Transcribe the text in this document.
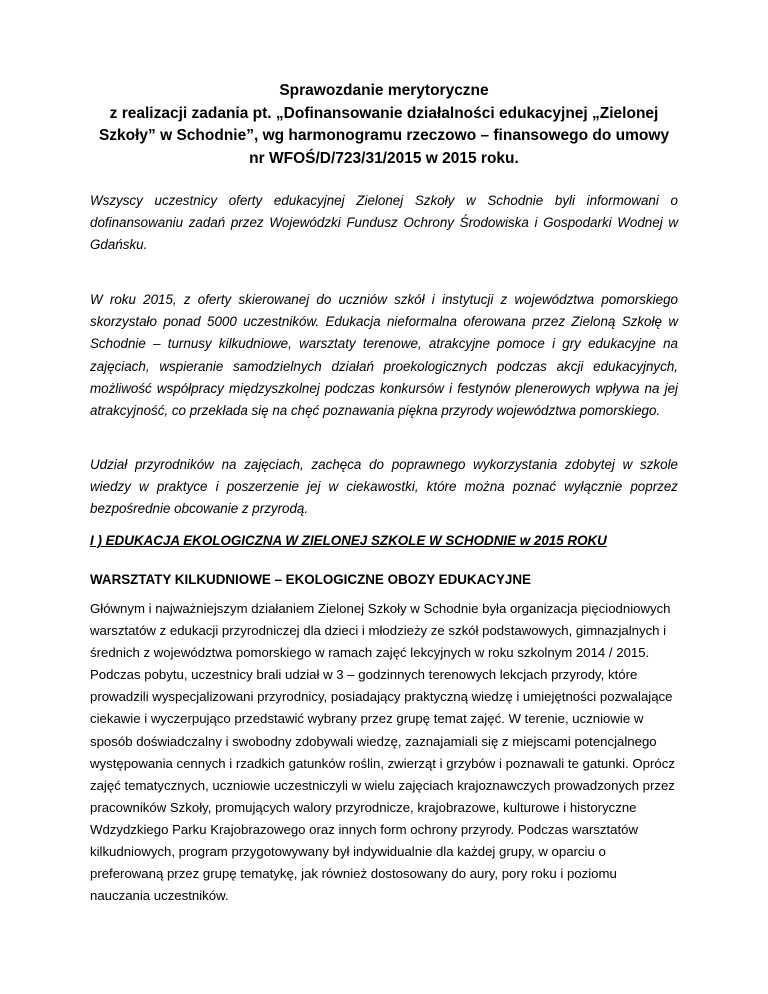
Sprawozdanie merytoryczne
z realizacji zadania pt. „Dofinansowanie działalności edukacyjnej „Zielonej
Szkoły” w Schodnie”, wg harmonogramu rzeczowo – finansowego do umowy
nr WFOŚ/D/723/31/2015 w 2015 roku.

Wszyscy uczestnicy oferty edukacyjnej Zielonej Szkoły w Schodnie byli informowani o dofinansowaniu zadań przez Wojewódzki Fundusz Ochrony Środowiska i Gospodarki Wodnej w Gdańsku.

W roku 2015, z oferty skierowanej do uczniów szkół i instytucji z województwa pomorskiego skorzystało ponad 5000 uczestników. Edukacja nieformalna oferowana przez Zieloną Szkołę w Schodnie – turnusy kilkudniowe, warsztaty terenowe, atrakcyjne pomoce i gry edukacyjne na zajęciach, wspieranie samodzielnych działań proekologicznych podczas akcji edukacyjnych, możliwość współpracy międzyszkolnej podczas konkursów i festynów plenerowych wpływa na jej atrakcyjność, co przekłada się na chęć poznawania piękna przyrody województwa pomorskiego.

Udział przyrodników na zajęciach, zachęca do poprawnego wykorzystania zdobytej w szkole wiedzy w praktyce i poszerzenie jej w ciekawostki, które można poznać wyłącznie poprzez bezpośrednie obcowanie z przyrodą.

I ) EDUKACJA EKOLOGICZNA W ZIELONEJ SZKOLE W SCHODNIE w 2015 ROKU

WARSZTATY KILKUDNIOWE – EKOLOGICZNE OBOZY EDUKACYJNE

Głównym i najważniejszym działaniem Zielonej Szkoły w Schodnie była organizacja pięciodniowych warsztatów z edukacji przyrodniczej dla dzieci i młodzieży ze szkół podstawowych, gimnazjalnych i średnich z województwa pomorskiego w ramach zajęć lekcyjnych w roku szkolnym 2014 / 2015. Podczas pobytu, uczestnicy brali udział w 3 – godzinnych terenowych lekcjach przyrody, które prowadzili wyspecjalizowani przyrodnicy, posiadający praktyczną wiedzę i umiejętności pozwalające ciekawie i wyczerpująco przedstawić wybrany przez grupę temat zajęć. W terenie, uczniowie w sposób doświadczalny i swobodny zdobywali wiedzę, zaznajamiali się z miejscami potencjalnego występowania cennych i rzadkich gatunków roślin, zwierząt i grzybów i poznawali te gatunki. Oprócz zajęć tematycznych, uczniowie uczestniczyli w wielu zajęciach krajoznawczych prowadzonych przez pracowników Szkoły, promujących walory przyrodnicze, krajobrazowe, kulturowe i historyczne Wdzydzkiego Parku Krajobrazowego oraz innych form ochrony przyrody. Podczas warsztatów kilkudniowych, program przygotowywany był indywidualnie dla każdej grupy, w oparciu o preferowaną przez grupę tematykę, jak również dostosowany do aury, pory roku i poziomu nauczania uczestników.
